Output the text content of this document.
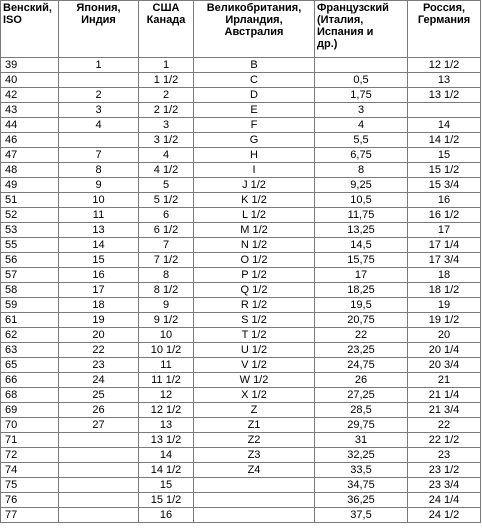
Венский,
ISO	Япония,
Индия	США
Канада	Великобритания,
Ирландия,
Австралия	Французский
(Италия,
Испания и
др.)	Россия,
Германия

39	1	1	B		12 1/2
40		1 1/2	C	0,5	13
42	2	2	D	1,75	13 1/2
43	3	2 1/2	E	3	
44	4	3	F	4	14
46		3 1/2	G	5,5	14 1/2
47	7	4	H	6,75	15
48	8	4 1/2	I	8	15 1/2
49	9	5	J 1/2	9,25	15 3/4
51	10	5 1/2	K 1/2	10,5	16
52	11	6	L 1/2	11,75	16 1/2
53	13	6 1/2	M 1/2	13,25	17
55	14	7	N 1/2	14,5	17 1/4
56	15	7 1/2	O 1/2	15,75	17 3/4
57	16	8	P 1/2	17	18
58	17	8 1/2	Q 1/2	18,25	18 1/2
59	18	9	R 1/2	19,5	19
61	19	9 1/2	S 1/2	20,75	19 1/2
62	20	10	T 1/2	22	20
63	22	10 1/2	U 1/2	23,25	20 1/4
65	23	11	V 1/2	24,75	20 3/4
66	24	11 1/2	W 1/2	26	21
68	25	12	X 1/2	27,25	21 1/4
69	26	12 1/2	Z	28,5	21 3/4
70	27	13	Z1	29,75	22
71		13 1/2	Z2	31	22 1/2
72		14	Z3	32,25	23
74		14 1/2	Z4	33,5	23 1/2
75		15		34,75	23 3/4
76		15 1/2		36,25	24 1/4
77		16		37,5	24 1/2
